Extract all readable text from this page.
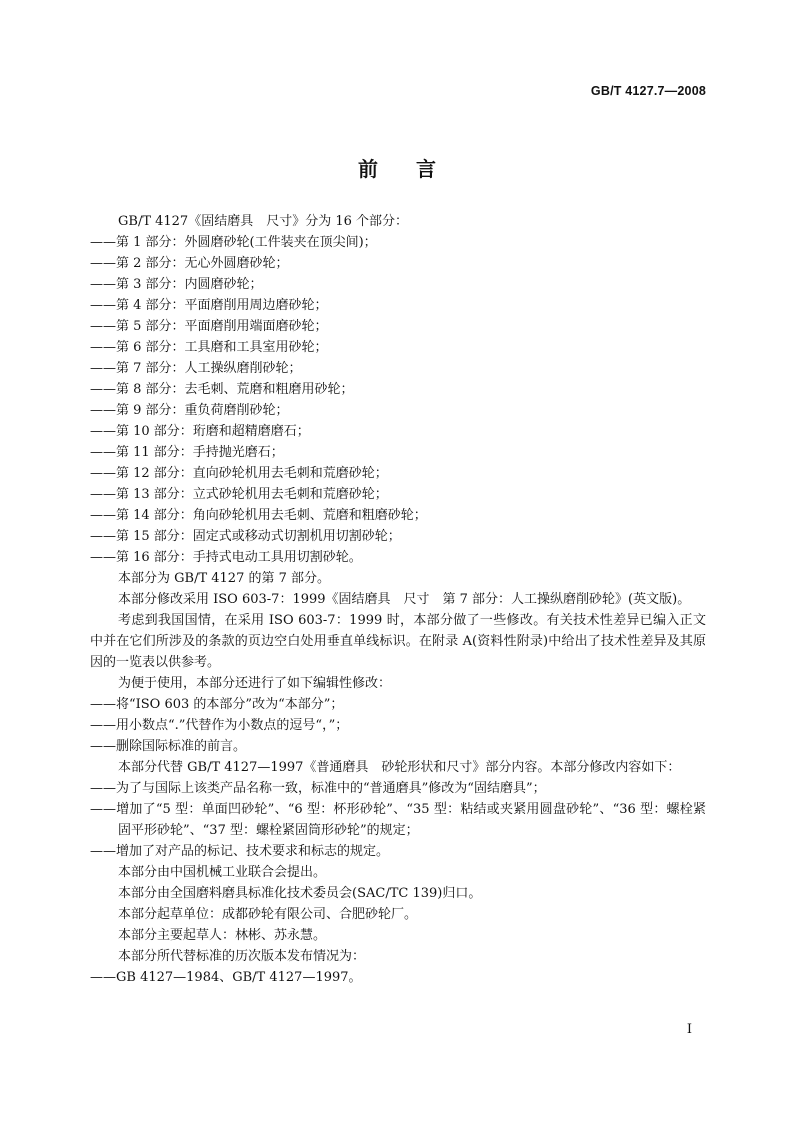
GB/T 4127.7—2008
前言
GB/T 4127《固结磨具　尺寸》分为 16 个部分：
——第 1 部分：外圆磨砂轮(工件装夹在顶尖间)；
——第 2 部分：无心外圆磨砂轮；
——第 3 部分：内圆磨砂轮；
——第 4 部分：平面磨削用周边磨砂轮；
——第 5 部分：平面磨削用端面磨砂轮；
——第 6 部分：工具磨和工具室用砂轮；
——第 7 部分：人工操纵磨削砂轮；
——第 8 部分：去毛刺、荒磨和粗磨用砂轮；
——第 9 部分：重负荷磨削砂轮；
——第 10 部分：珩磨和超精磨磨石；
——第 11 部分：手持抛光磨石；
——第 12 部分：直向砂轮机用去毛刺和荒磨砂轮；
——第 13 部分：立式砂轮机用去毛刺和荒磨砂轮；
——第 14 部分：角向砂轮机用去毛刺、荒磨和粗磨砂轮；
——第 15 部分：固定式或移动式切割机用切割砂轮；
——第 16 部分：手持式电动工具用切割砂轮。
本部分为 GB/T 4127 的第 7 部分。
本部分修改采用 ISO 603-7：1999《固结磨具　尺寸　第 7 部分：人工操纵磨削砂轮》(英文版)。
考虑到我国国情，在采用 ISO 603-7：1999 时，本部分做了一些修改。有关技术性差异已编入正文中并在它们所涉及的条款的页边空白处用垂直单线标识。在附录 A(资料性附录)中给出了技术性差异及其原因的一览表以供参考。
为便于使用，本部分还进行了如下编辑性修改：
——将“ISO 603 的本部分”改为“本部分”；
——用小数点“.”代替作为小数点的逗号“，”；
——删除国际标准的前言。
本部分代替 GB/T 4127—1997《普通磨具　砂轮形状和尺寸》部分内容。本部分修改内容如下：
——为了与国际上该类产品名称一致，标准中的“普通磨具”修改为“固结磨具”；
——增加了“5 型：单面凹砂轮”、“6 型：杯形砂轮”、“35 型：粘结或夹紧用圆盘砂轮”、“36 型：螺栓紧固平形砂轮”、“37 型：螺栓紧固筒形砂轮”的规定；
——增加了对产品的标记、技术要求和标志的规定。
本部分由中国机械工业联合会提出。
本部分由全国磨料磨具标准化技术委员会(SAC/TC 139)归口。
本部分起草单位：成都砂轮有限公司、合肥砂轮厂。
本部分主要起草人：林彬、苏永慧。
本部分所代替标准的历次版本发布情况为：
——GB 4127—1984、GB/T 4127—1997。
I
